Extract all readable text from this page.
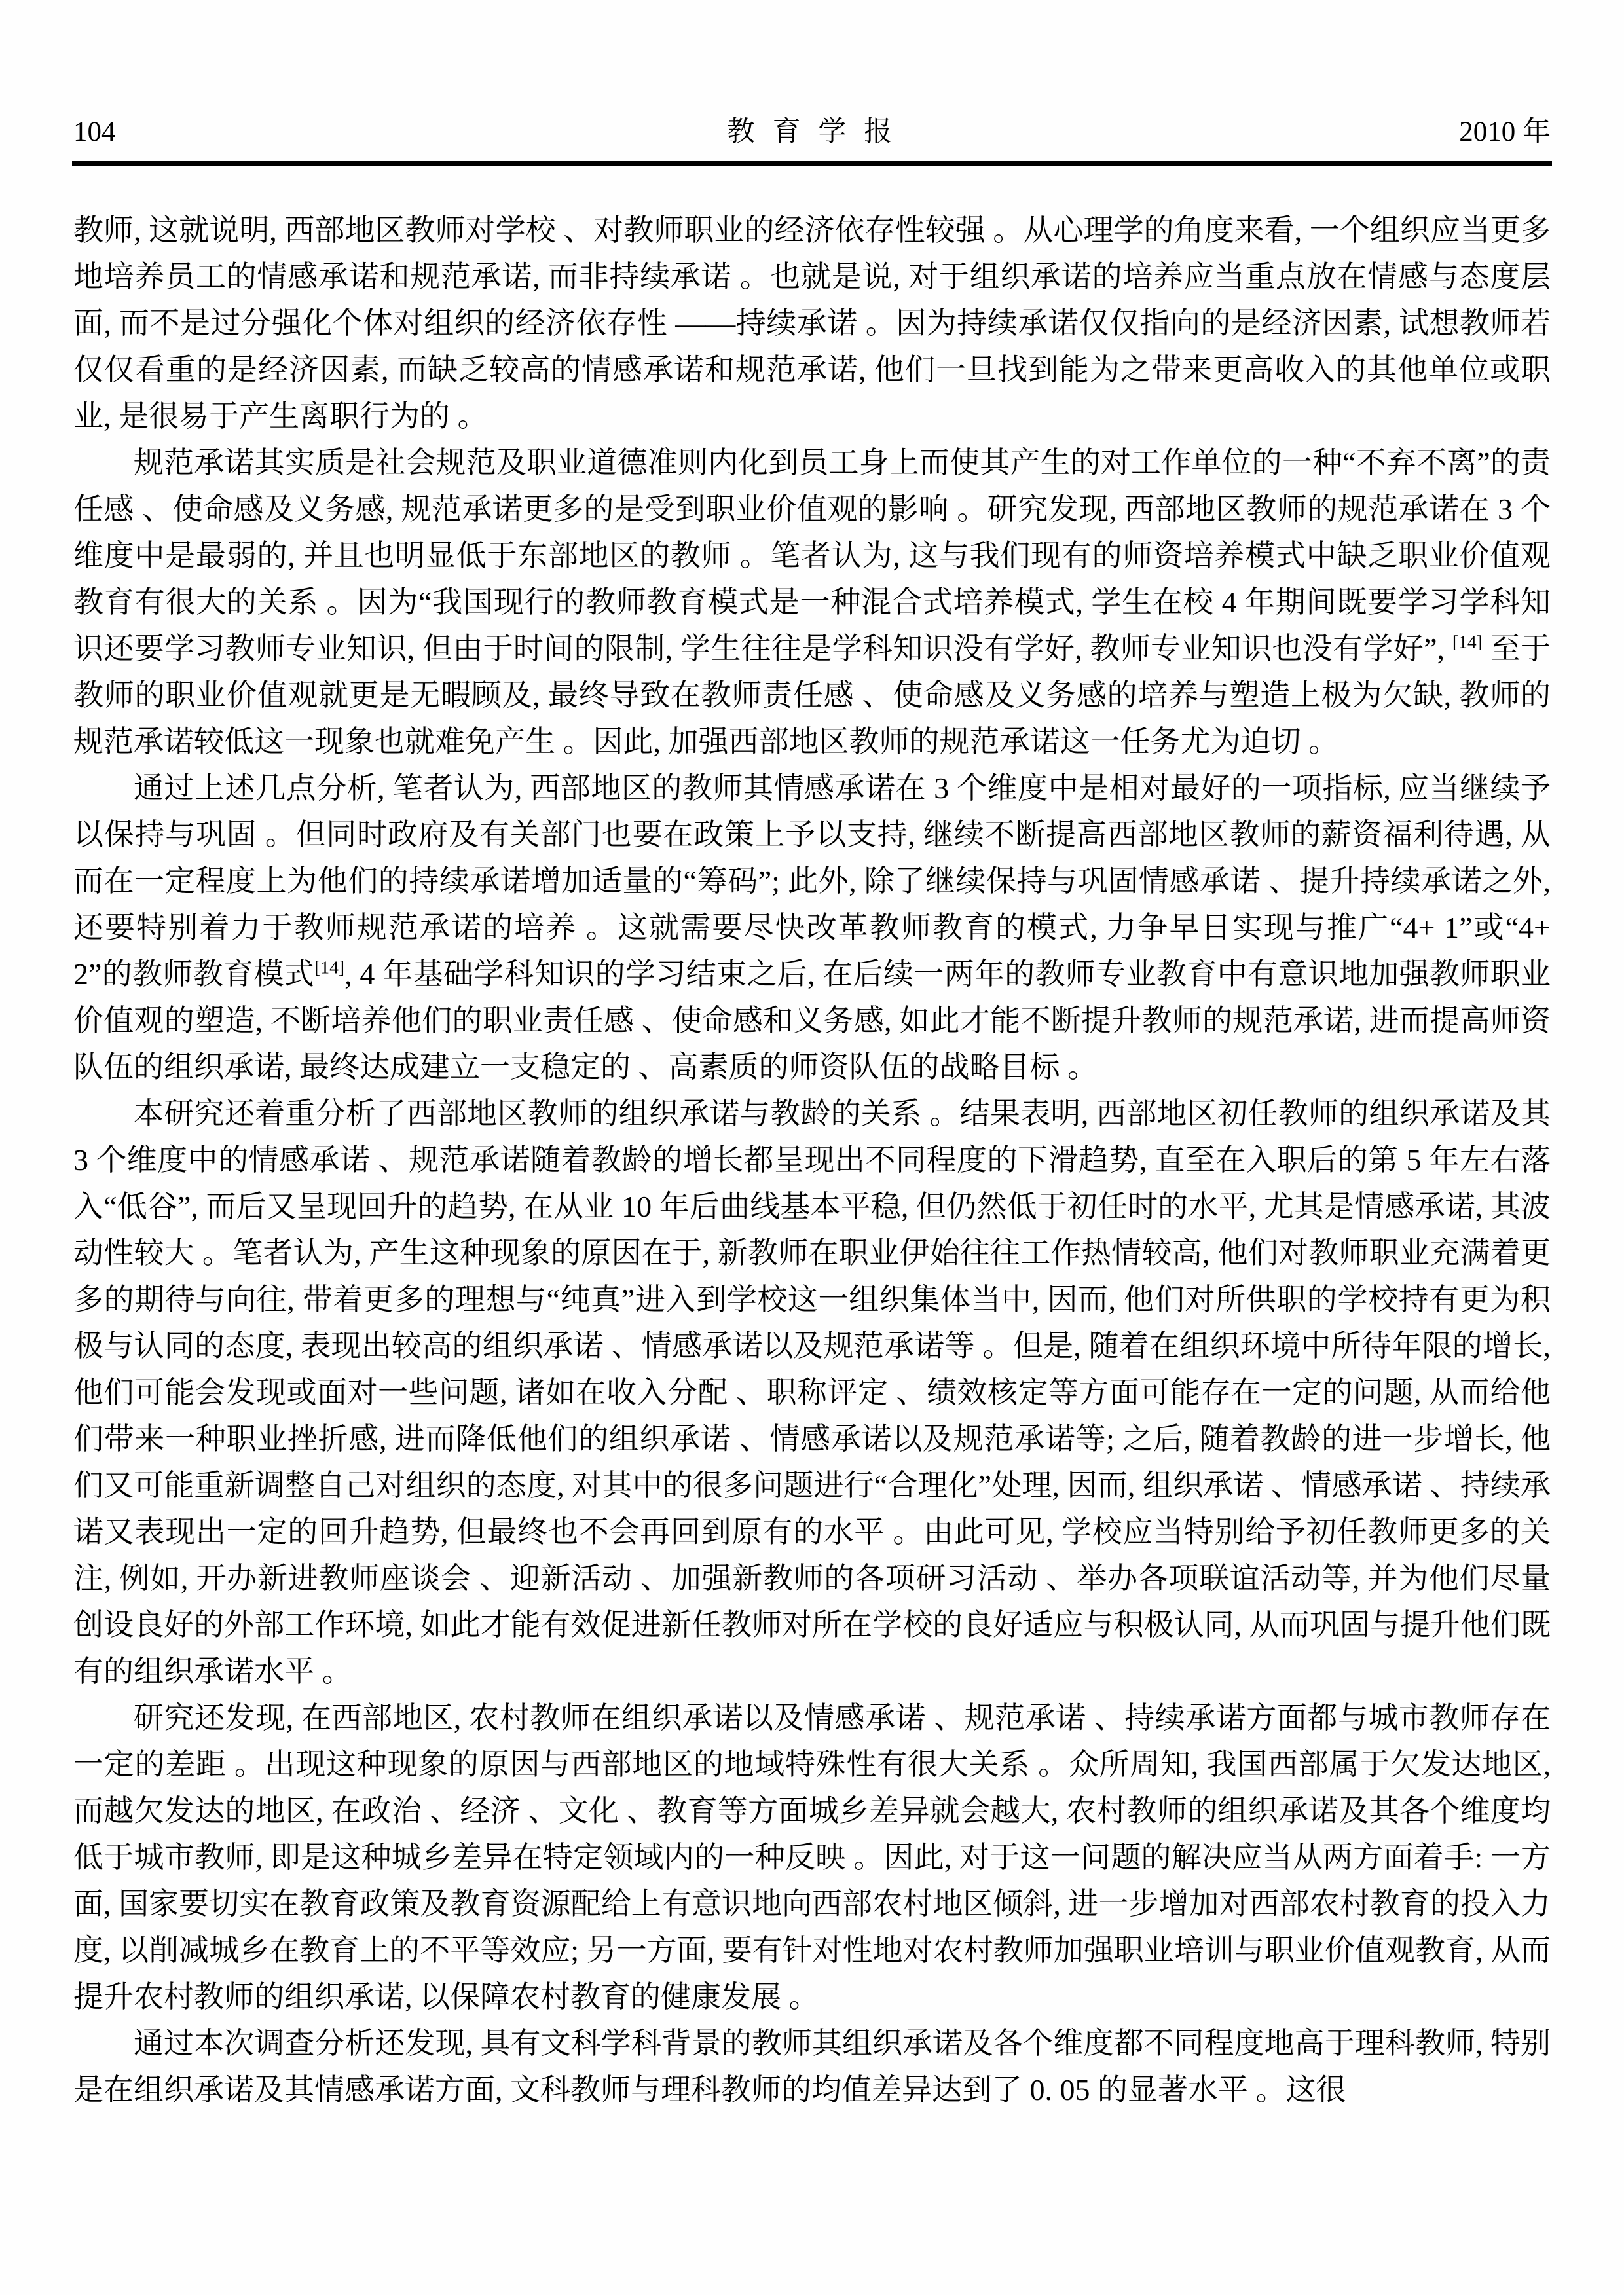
104	教 育 学 报	2010 年

教师, 这就说明, 西部地区教师对学校 、对教师职业的经济依存性较强 。从心理学的角度来看, 一个组织应当更多地培养员工的情感承诺和规范承诺, 而非持续承诺 。也就是说, 对于组织承诺的培养应当重点放在情感与态度层面, 而不是过分强化个体对组织的经济依存性 ——持续承诺 。因为持续承诺仅仅指向的是经济因素, 试想教师若仅仅看重的是经济因素, 而缺乏较高的情感承诺和规范承诺, 他们一旦找到能为之带来更高收入的其他单位或职业, 是很易于产生离职行为的 。

规范承诺其实质是社会规范及职业道德准则内化到员工身上而使其产生的对工作单位的一种“不弃不离”的责任感 、使命感及义务感, 规范承诺更多的是受到职业价值观的影响 。研究发现, 西部地区教师的规范承诺在 3 个维度中是最弱的, 并且也明显低于东部地区的教师 。笔者认为, 这与我们现有的师资培养模式中缺乏职业价值观教育有很大的关系 。因为“我国现行的教师教育模式是一种混合式培养模式, 学生在校 4 年期间既要学习学科知识还要学习教师专业知识, 但由于时间的限制, 学生往往是学科知识没有学好, 教师专业知识也没有学好”, [14] 至于教师的职业价值观就更是无暇顾及, 最终导致在教师责任感 、使命感及义务感的培养与塑造上极为欠缺, 教师的规范承诺较低这一现象也就难免产生 。因此, 加强西部地区教师的规范承诺这一任务尤为迫切 。

通过上述几点分析, 笔者认为, 西部地区的教师其情感承诺在 3 个维度中是相对最好的一项指标, 应当继续予以保持与巩固 。但同时政府及有关部门也要在政策上予以支持, 继续不断提高西部地区教师的薪资福利待遇, 从而在一定程度上为他们的持续承诺增加适量的“筹码”; 此外, 除了继续保持与巩固情感承诺 、提升持续承诺之外, 还要特别着力于教师规范承诺的培养 。这就需要尽快改革教师教育的模式, 力争早日实现与推广“4+ 1”或“4+ 2”的教师教育模式[14], 4 年基础学科知识的学习结束之后, 在后续一两年的教师专业教育中有意识地加强教师职业价值观的塑造, 不断培养他们的职业责任感 、使命感和义务感, 如此才能不断提升教师的规范承诺, 进而提高师资队伍的组织承诺, 最终达成建立一支稳定的 、高素质的师资队伍的战略目标 。

本研究还着重分析了西部地区教师的组织承诺与教龄的关系 。结果表明, 西部地区初任教师的组织承诺及其 3 个维度中的情感承诺 、规范承诺随着教龄的增长都呈现出不同程度的下滑趋势, 直至在入职后的第 5 年左右落入“低谷”, 而后又呈现回升的趋势, 在从业 10 年后曲线基本平稳, 但仍然低于初任时的水平, 尤其是情感承诺, 其波动性较大 。笔者认为, 产生这种现象的原因在于, 新教师在职业伊始往往工作热情较高, 他们对教师职业充满着更多的期待与向往, 带着更多的理想与“纯真”进入到学校这一组织集体当中, 因而, 他们对所供职的学校持有更为积极与认同的态度, 表现出较高的组织承诺 、情感承诺以及规范承诺等 。但是, 随着在组织环境中所待年限的增长, 他们可能会发现或面对一些问题, 诸如在收入分配 、职称评定 、绩效核定等方面可能存在一定的问题, 从而给他们带来一种职业挫折感, 进而降低他们的组织承诺 、情感承诺以及规范承诺等; 之后, 随着教龄的进一步增长, 他们又可能重新调整自己对组织的态度, 对其中的很多问题进行“合理化”处理, 因而, 组织承诺 、情感承诺 、持续承诺又表现出一定的回升趋势, 但最终也不会再回到原有的水平 。由此可见, 学校应当特别给予初任教师更多的关注, 例如, 开办新进教师座谈会 、迎新活动 、加强新教师的各项研习活动 、举办各项联谊活动等, 并为他们尽量创设良好的外部工作环境, 如此才能有效促进新任教师对所在学校的良好适应与积极认同, 从而巩固与提升他们既有的组织承诺水平 。

研究还发现, 在西部地区, 农村教师在组织承诺以及情感承诺 、规范承诺 、持续承诺方面都与城市教师存在一定的差距 。出现这种现象的原因与西部地区的地域特殊性有很大关系 。众所周知, 我国西部属于欠发达地区, 而越欠发达的地区, 在政治 、经济 、文化 、教育等方面城乡差异就会越大, 农村教师的组织承诺及其各个维度均低于城市教师, 即是这种城乡差异在特定领域内的一种反映 。因此, 对于这一问题的解决应当从两方面着手: 一方面, 国家要切实在教育政策及教育资源配给上有意识地向西部农村地区倾斜, 进一步增加对西部农村教育的投入力度, 以削减城乡在教育上的不平等效应; 另一方面, 要有针对性地对农村教师加强职业培训与职业价值观教育, 从而提升农村教师的组织承诺, 以保障农村教育的健康发展 。

通过本次调查分析还发现, 具有文科学科背景的教师其组织承诺及各个维度都不同程度地高于理科教师, 特别是在组织承诺及其情感承诺方面, 文科教师与理科教师的均值差异达到了 0. 05 的显著水平 。这很
